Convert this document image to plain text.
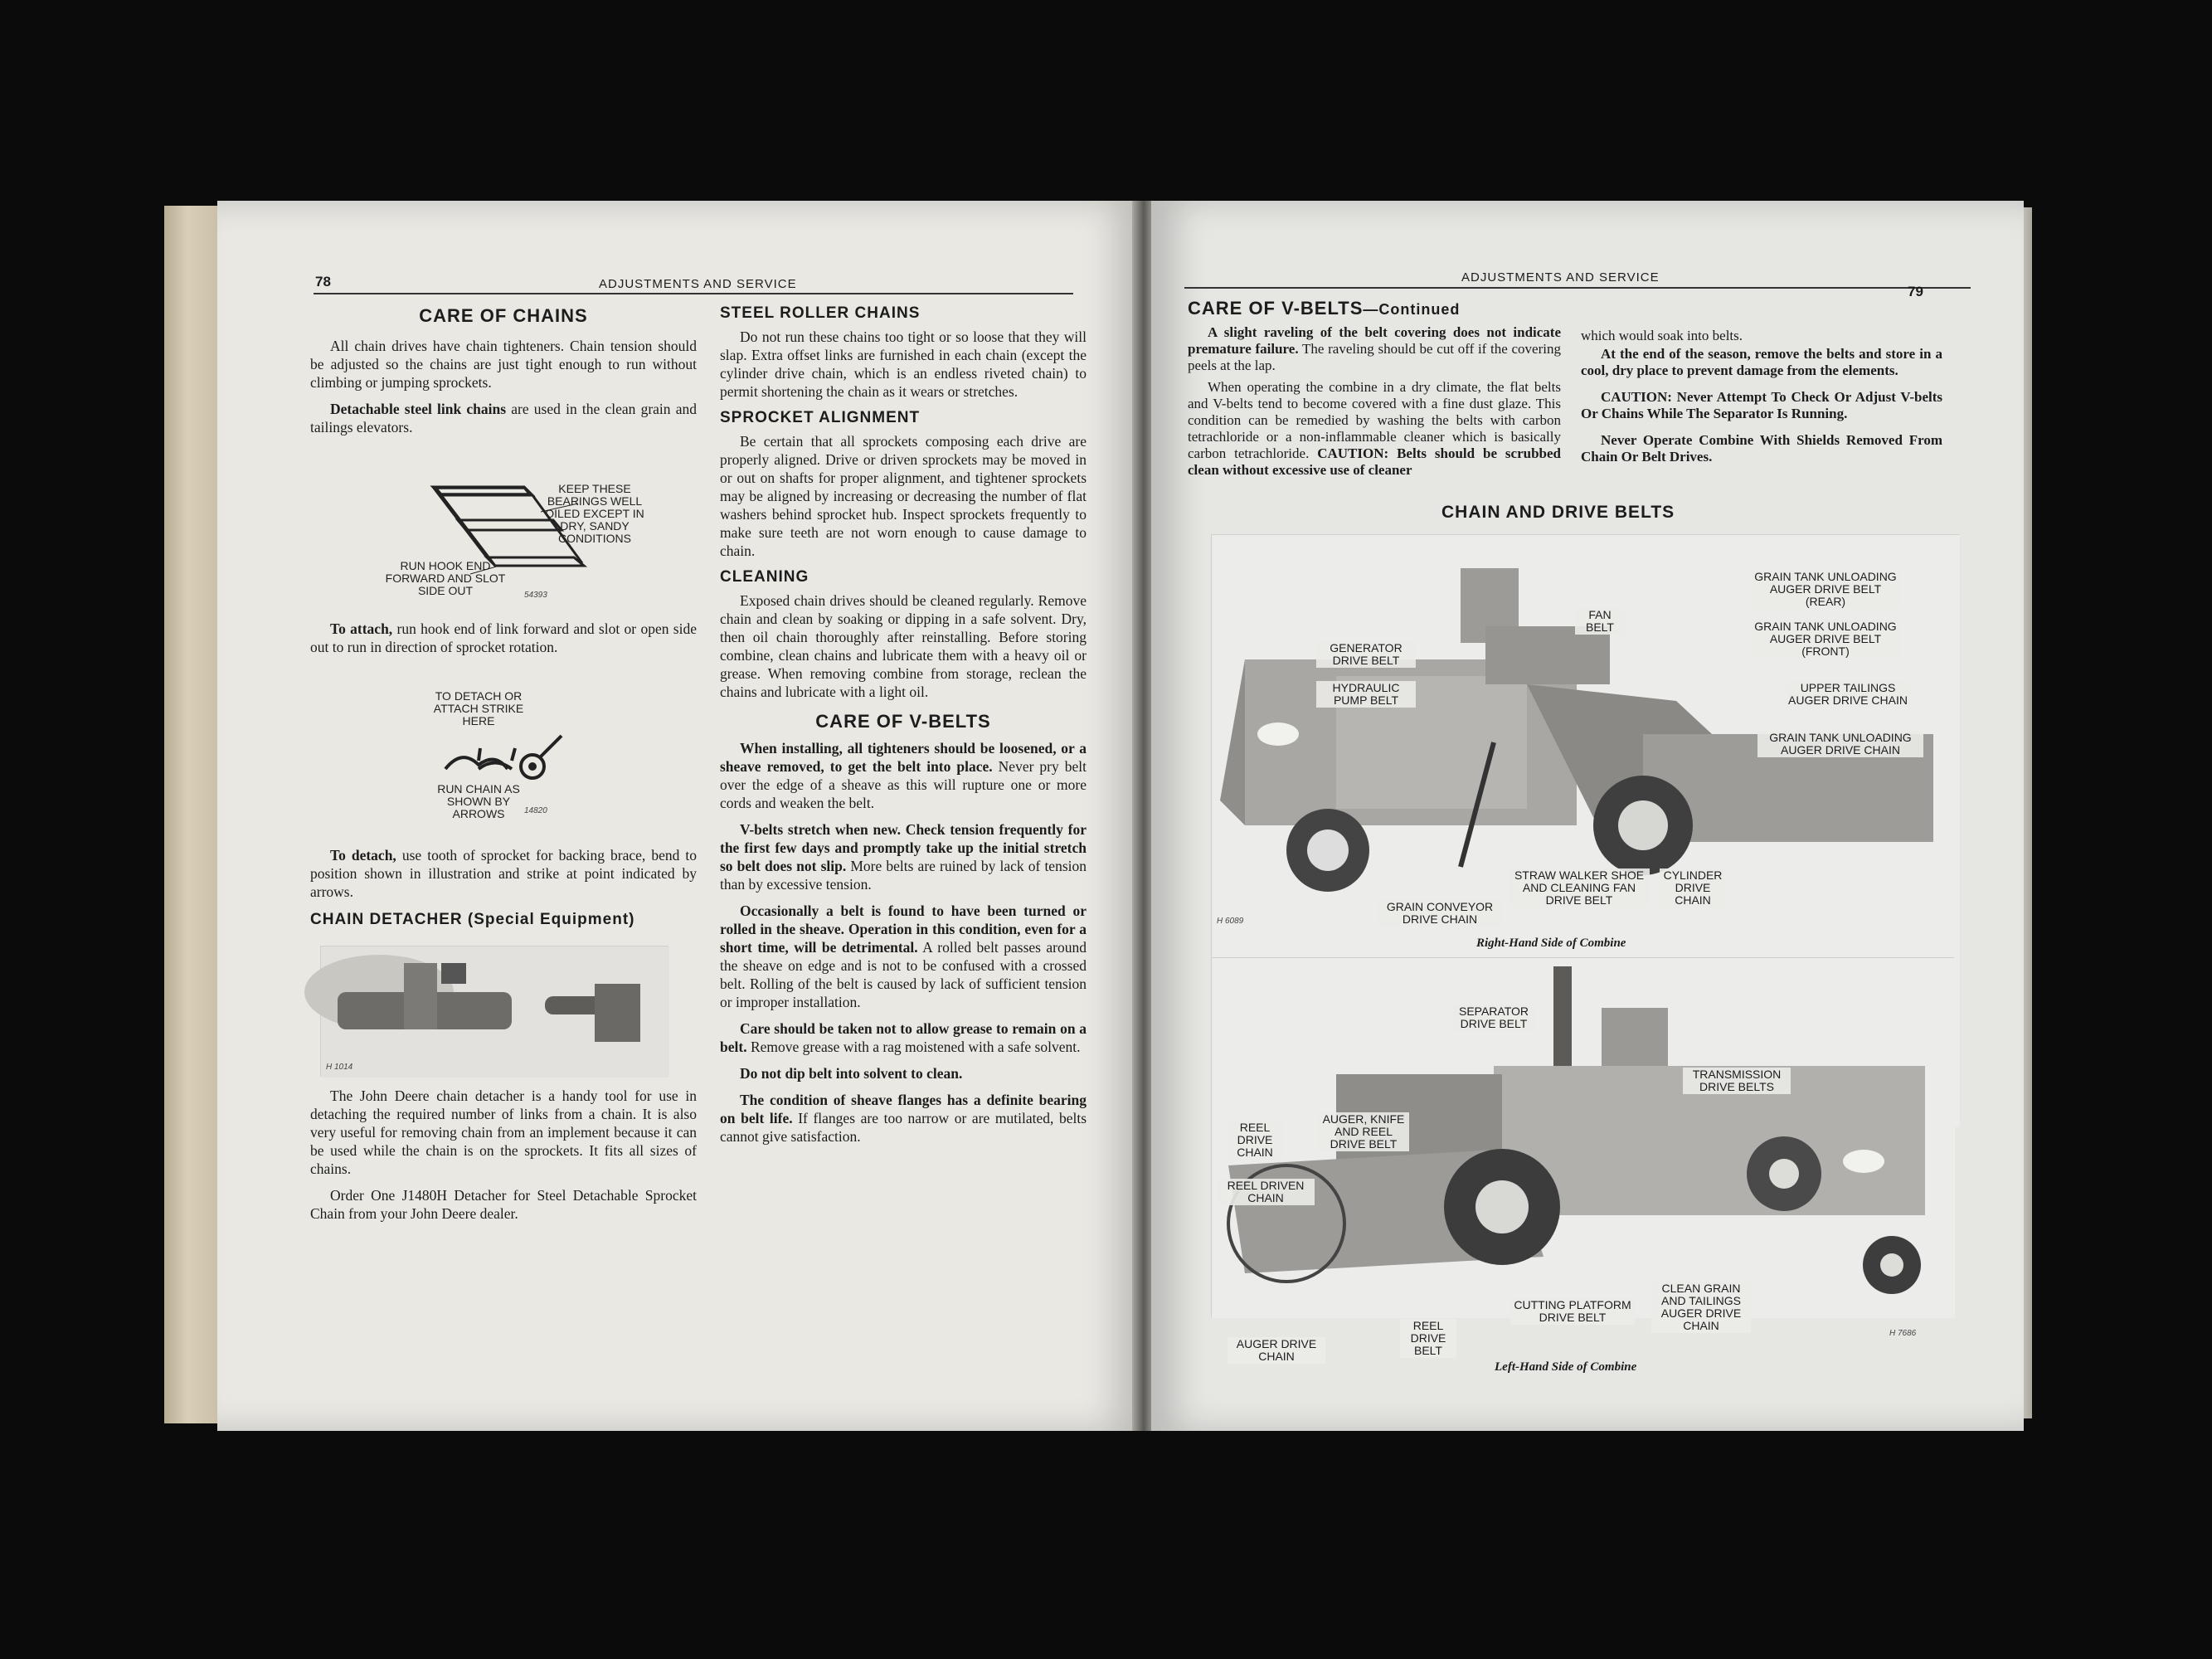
78	ADJUSTMENTS AND SERVICE
CARE OF CHAINS

All chain drives have chain tighteners. Chain tension should be adjusted so the chains are just tight enough to run without climbing or jumping sprockets.

Detachable steel link chains are used in the clean grain and tailings elevators.

KEEP THESE BEARINGS WELL OILED EXCEPT IN DRY, SANDY CONDITIONS
RUN HOOK END FORWARD AND SLOT SIDE OUT	54393

To attach, run hook end of link forward and slot or open side out to run in direction of sprocket rotation.

TO DETACH OR ATTACH STRIKE HERE
RUN CHAIN AS SHOWN BY ARROWS	14820

To detach, use tooth of sprocket for backing brace, bend to position shown in illustration and strike at point indicated by arrows.

CHAIN DETACHER (Special Equipment)
H 1014

The John Deere chain detacher is a handy tool for use in detaching the required number of links from a chain. It is also very useful for removing chain from an implement because it can be used while the chain is on the sprockets. It fits all sizes of chains.

Order One J1480H Detacher for Steel Detachable Sprocket Chain from your John Deere dealer.

STEEL ROLLER CHAINS

Do not run these chains too tight or so loose that they will slap. Extra offset links are furnished in each chain (except the cylinder drive chain, which is an endless riveted chain) to permit shortening the chain as it wears or stretches.

SPROCKET ALIGNMENT

Be certain that all sprockets composing each drive are properly aligned. Drive or driven sprockets may be moved in or out on shafts for proper alignment, and tightener sprockets may be aligned by increasing or decreasing the number of flat washers behind sprocket hub. Inspect sprockets frequently to make sure teeth are not worn enough to cause damage to chain.

CLEANING

Exposed chain drives should be cleaned regularly. Remove chain and clean by soaking or dipping in a safe solvent. Dry, then oil chain thoroughly after reinstalling. Before storing combine, clean chains and lubricate them with a heavy oil or grease. When removing combine from storage, reclean the chains and lubricate with a light oil.

CARE OF V-BELTS

When installing, all tighteners should be loosened, or a sheave removed, to get the belt into place. Never pry belt over the edge of a sheave as this will rupture one or more cords and weaken the belt.

V-belts stretch when new. Check tension frequently for the first few days and promptly take up the initial stretch so belt does not slip. More belts are ruined by lack of tension than by excessive tension.

Occasionally a belt is found to have been turned or rolled in the sheave. Operation in this condition, even for a short time, will be detrimental. A rolled belt passes around the sheave on edge and is not to be confused with a crossed belt. Rolling of the belt is caused by lack of sufficient tension or improper installation.

Care should be taken not to allow grease to remain on a belt. Remove grease with a rag moistened with a safe solvent.

Do not dip belt into solvent to clean.

The condition of sheave flanges has a definite bearing on belt life. If flanges are too narrow or are mutilated, belts cannot give satisfaction.

ADJUSTMENTS AND SERVICE
79
CARE OF V-BELTS—Continued

A slight raveling of the belt covering does not indicate premature failure. The raveling should be cut off if the covering peels at the lap.

When operating the combine in a dry climate, the flat belts and V-belts tend to become covered with a fine dust glaze. This condition can be remedied by washing the belts with carbon tetrachloride or a non-inflammable cleaner which is basically carbon tetrachloride. CAUTION: Belts should be scrubbed clean without excessive use of cleaner

which would soak into belts.

At the end of the season, remove the belts and store in a cool, dry place to prevent damage from the elements.

CAUTION: Never Attempt To Check Or Adjust V-belts Or Chains While The Separator Is Running.

Never Operate Combine With Shields Removed From Chain Or Belt Drives.

CHAIN AND DRIVE BELTS
FAN BELT
GRAIN TANK UNLOADING AUGER DRIVE BELT (REAR)
GENERATOR DRIVE BELT
GRAIN TANK UNLOADING AUGER DRIVE BELT (FRONT)
HYDRAULIC PUMP BELT
UPPER TAILINGS AUGER DRIVE CHAIN
GRAIN TANK UNLOADING AUGER DRIVE CHAIN
STRAW WALKER SHOE AND CLEANING FAN DRIVE BELT
CYLINDER DRIVE CHAIN
GRAIN CONVEYOR DRIVE CHAIN
H 6089
Right-Hand Side of Combine
SEPARATOR DRIVE BELT
TRANSMISSION DRIVE BELTS
REEL DRIVE CHAIN
AUGER, KNIFE AND REEL DRIVE BELT
REEL DRIVEN CHAIN
CLEAN GRAIN AND TAILINGS AUGER DRIVE CHAIN
CUTTING PLATFORM DRIVE BELT
REEL DRIVE BELT
AUGER DRIVE CHAIN
H 7686
Left-Hand Side of Combine
